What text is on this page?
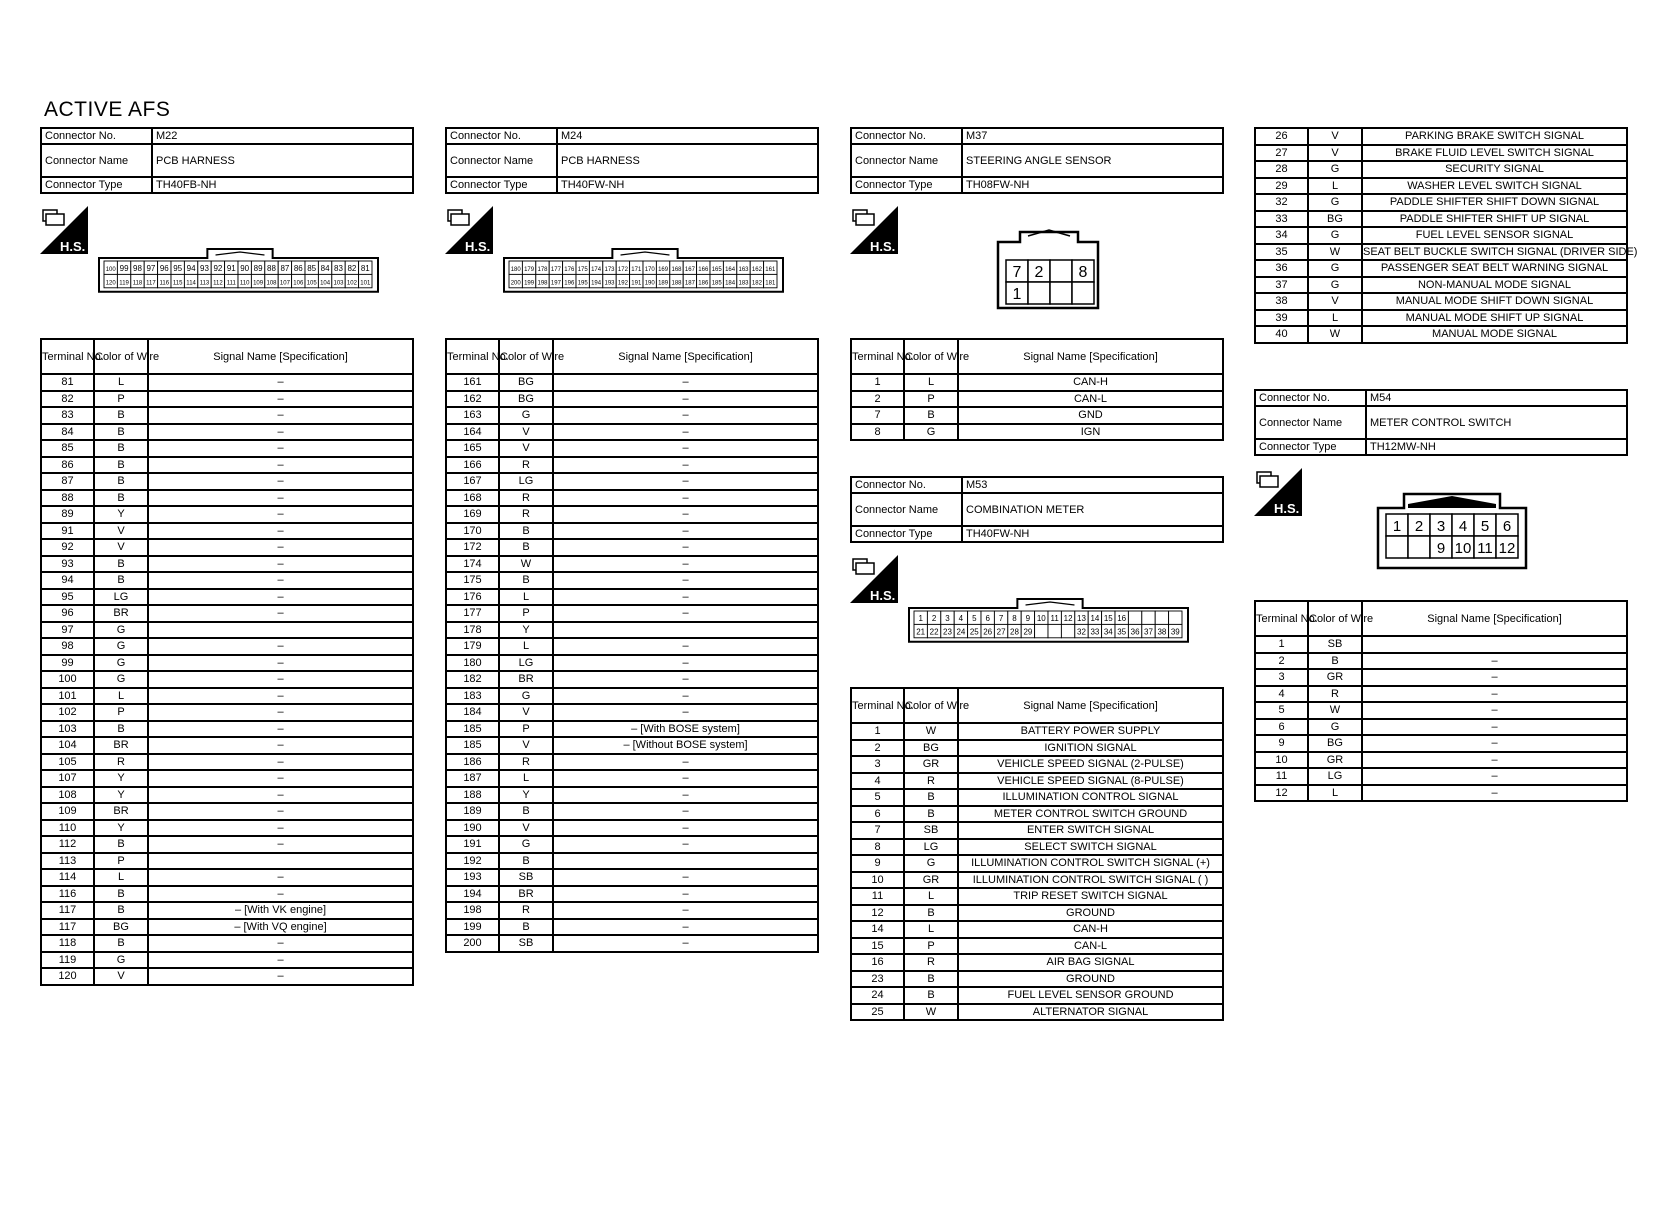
ACTIVE AFS
Connector No.	M22
Connector Name	PCB HARNESS
Connector Type	TH40FB-NH
H.S.
100 99 98 97 96 95 94 93 92 91 90 89 88 87 86 85 84 83 82 81
120 119 118 117 116 115 114 113 112 111 110 109 108 107 106 105 104 103 102 101
Terminal No.	Color of Wire	Signal Name [Specification]
81	L	–
82	P	–
83	B	–
84	B	–
85	B	–
86	B	–
87	B	–
88	B	–
89	Y	–
91	V	–
92	V	–
93	B	–
94	B	–
95	LG	–
96	BR	–
97	G	
98	G	–
99	G	–
100	G	–
101	L	–
102	P	–
103	B	–
104	BR	–
105	R	–
107	Y	–
108	Y	–
109	BR	–
110	Y	–
112	B	–
113	P	
114	L	–
116	B	–
117	B	– [With VK engine]
117	BG	– [With VQ engine]
118	B	–
119	G	–
120	V	–
Connector No.	M24
Connector Name	PCB HARNESS
Connector Type	TH40FW-NH
H.S.
180 179 178 177 176 175 174 173 172 171 170 169 168 167 166 165 164 163 162 161
200 199 198 197 196 195 194 193 192 191 190 189 188 187 186 185 184 183 182 181
Terminal No.	Color of Wire	Signal Name [Specification]
161	BG	–
162	BG	–
163	G	–
164	V	–
165	V	–
166	R	–
167	LG	–
168	R	–
169	R	–
170	B	–
172	B	–
174	W	–
175	B	–
176	L	–
177	P	–
178	Y	
179	L	–
180	LG	–
182	BR	–
183	G	–
184	V	–
185	P	– [With BOSE system]
185	V	– [Without BOSE system]
186	R	–
187	L	–
188	Y	–
189	B	–
190	V	–
191	G	–
192	B	
193	SB	–
194	BR	–
198	R	–
199	B	–
200	SB	–
Connector No.	M37
Connector Name	STEERING ANGLE SENSOR
Connector Type	TH08FW-NH
H.S.
7 2 8
1
Terminal No.	Color of Wire	Signal Name [Specification]
1	L	CAN-H
2	P	CAN-L
7	B	GND
8	G	IGN
Connector No.	M53
Connector Name	COMBINATION METER
Connector Type	TH40FW-NH
H.S.
1 2 3 4 5 6 7 8 9 10 11 12 13 14 15 16
21 22 23 24 25 26 27 28 29	32 33 34 35 36 37 38 39
Terminal No.	Color of Wire	Signal Name [Specification]
1	W	BATTERY POWER SUPPLY
2	BG	IGNITION SIGNAL
3	GR	VEHICLE SPEED SIGNAL (2-PULSE)
4	R	VEHICLE SPEED SIGNAL (8-PULSE)
5	B	ILLUMINATION CONTROL SIGNAL
6	B	METER CONTROL SWITCH GROUND
7	SB	ENTER SWITCH SIGNAL
8	LG	SELECT SWITCH SIGNAL
9	G	ILLUMINATION CONTROL SWITCH SIGNAL (+)
10	GR	ILLUMINATION CONTROL SWITCH SIGNAL ( )
11	L	TRIP RESET SWITCH SIGNAL
12	B	GROUND
14	L	CAN-H
15	P	CAN-L
16	R	AIR BAG SIGNAL
23	B	GROUND
24	B	FUEL LEVEL SENSOR GROUND
25	W	ALTERNATOR SIGNAL
26	V	PARKING BRAKE SWITCH SIGNAL
27	V	BRAKE FLUID LEVEL SWITCH SIGNAL
28	G	SECURITY SIGNAL
29	L	WASHER LEVEL SWITCH SIGNAL
32	G	PADDLE SHIFTER SHIFT DOWN SIGNAL
33	BG	PADDLE SHIFTER SHIFT UP SIGNAL
34	G	FUEL LEVEL SENSOR SIGNAL
35	W	SEAT BELT BUCKLE SWITCH SIGNAL (DRIVER SIDE)
36	G	PASSENGER SEAT BELT WARNING SIGNAL
37	G	NON-MANUAL MODE SIGNAL
38	V	MANUAL MODE SHIFT DOWN SIGNAL
39	L	MANUAL MODE SHIFT UP SIGNAL
40	W	MANUAL MODE SIGNAL
Connector No.	M54
Connector Name	METER CONTROL SWITCH
Connector Type	TH12MW-NH
H.S.
1 2 3 4 5 6
9 10 11 12
Terminal No.	Color of Wire	Signal Name [Specification]
1	SB	
2	B	–
3	GR	–
4	R	–
5	W	–
6	G	–
9	BG	–
10	GR	–
11	LG	–
12	L	–
